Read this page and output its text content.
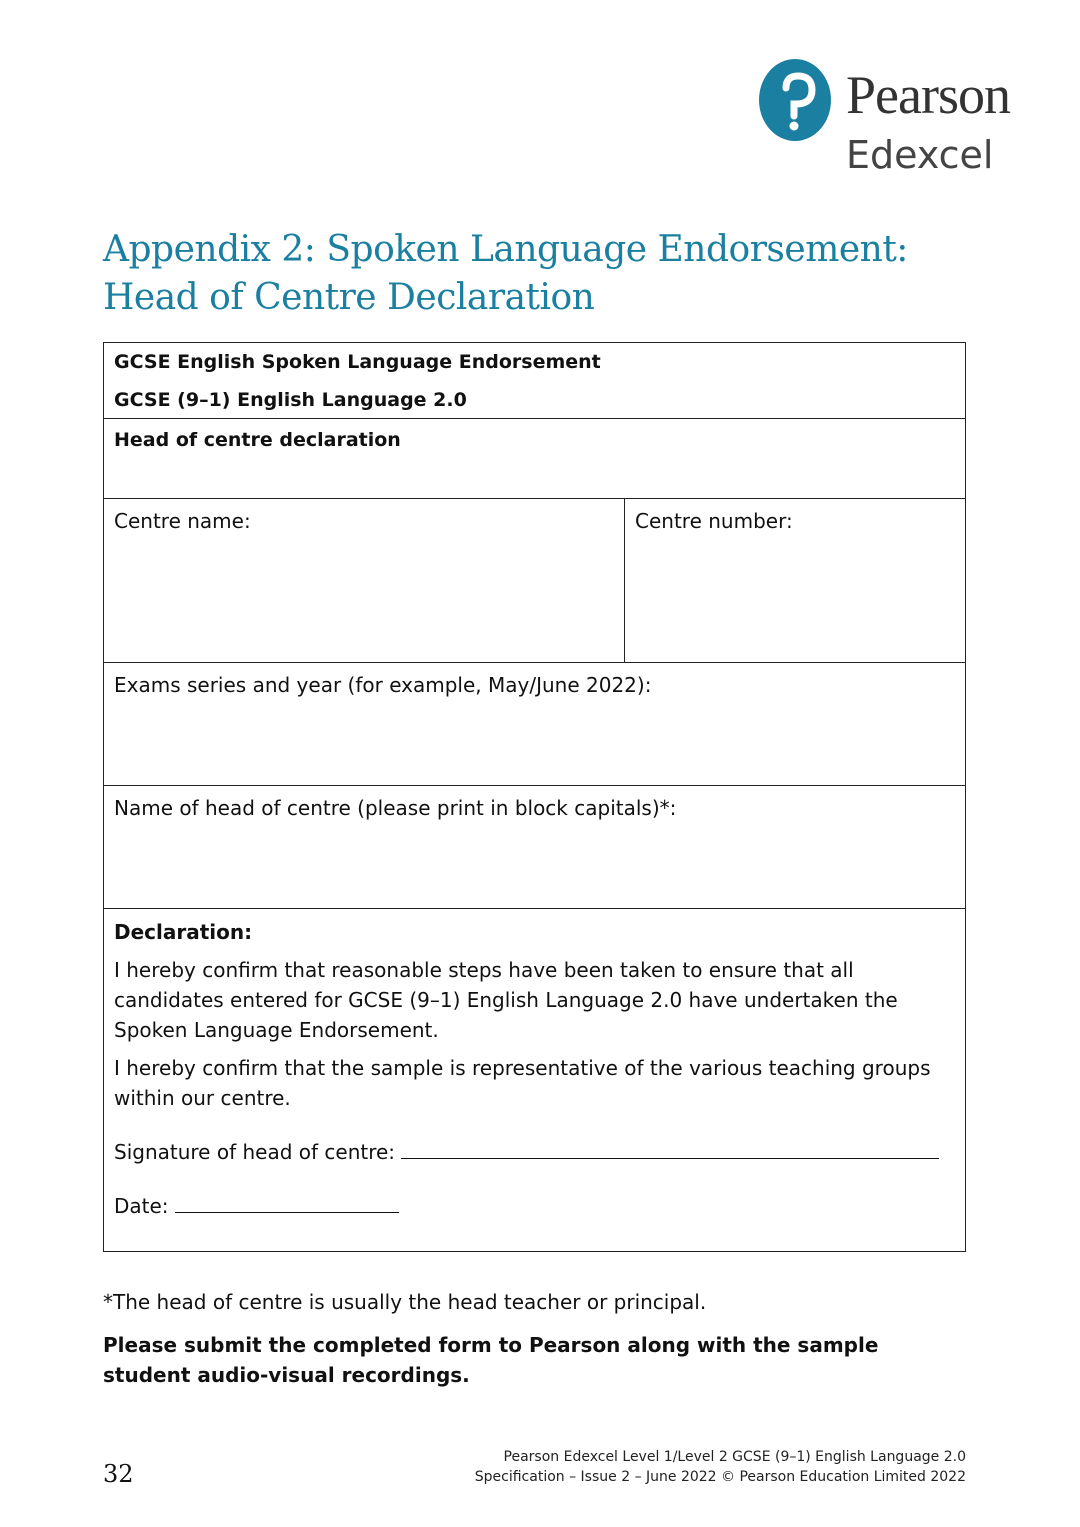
Pearson
Edexcel
Appendix 2: Spoken Language Endorsement: Head of Centre Declaration
GCSE English Spoken Language Endorsement
GCSE (9–1) English Language 2.0
Head of centre declaration
Centre name:	Centre number:
Exams series and year (for example, May/June 2022):
Name of head of centre (please print in block capitals)*:

Declaration:

I hereby confirm that reasonable steps have been taken to ensure that all candidates entered for GCSE (9–1) English Language 2.0 have undertaken the Spoken Language Endorsement.

I hereby confirm that the sample is representative of the various teaching groups within our centre.

Signature of head of centre:

Date:

*The head of centre is usually the head teacher or principal.
Please submit the completed form to Pearson along with the sample student audio-visual recordings.
32
Pearson Edexcel Level 1/Level 2 GCSE (9–1) English Language 2.0
Specification – Issue 2 – June 2022 © Pearson Education Limited 2022
